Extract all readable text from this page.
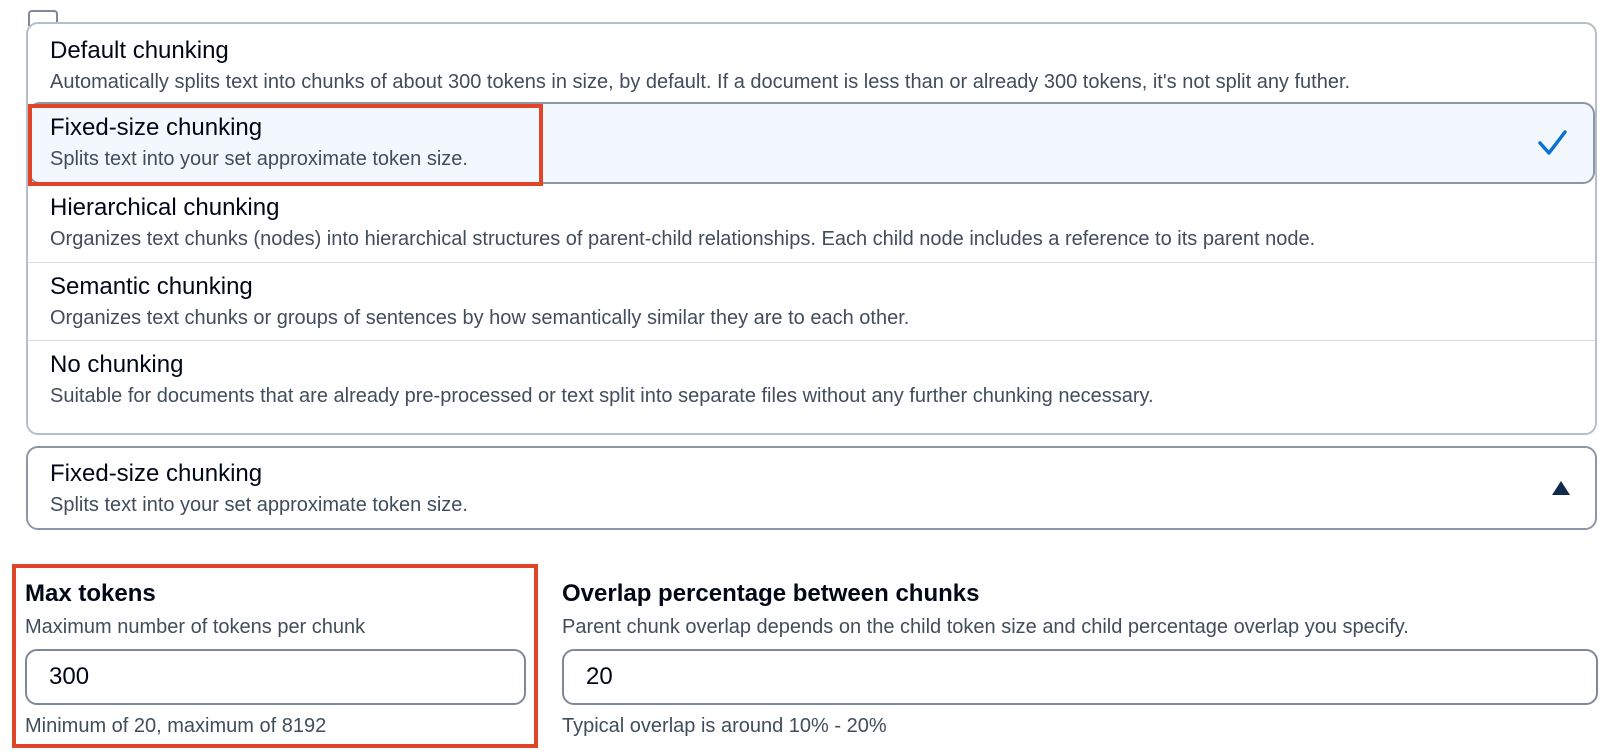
Default chunking
Automatically splits text into chunks of about 300 tokens in size, by default. If a document is less than or already 300 tokens, it's not split any futher.
Fixed-size chunking
Splits text into your set approximate token size.
Hierarchical chunking
Organizes text chunks (nodes) into hierarchical structures of parent-child relationships. Each child node includes a reference to its parent node.
Semantic chunking
Organizes text chunks or groups of sentences by how semantically similar they are to each other.
No chunking
Suitable for documents that are already pre-processed or text split into separate files without any further chunking necessary.
Fixed-size chunking
Splits text into your set approximate token size.
Max tokens
Maximum number of tokens per chunk
300
Minimum of 20, maximum of 8192
Overlap percentage between chunks
Parent chunk overlap depends on the child token size and child percentage overlap you specify.
20
Typical overlap is around 10% - 20%
